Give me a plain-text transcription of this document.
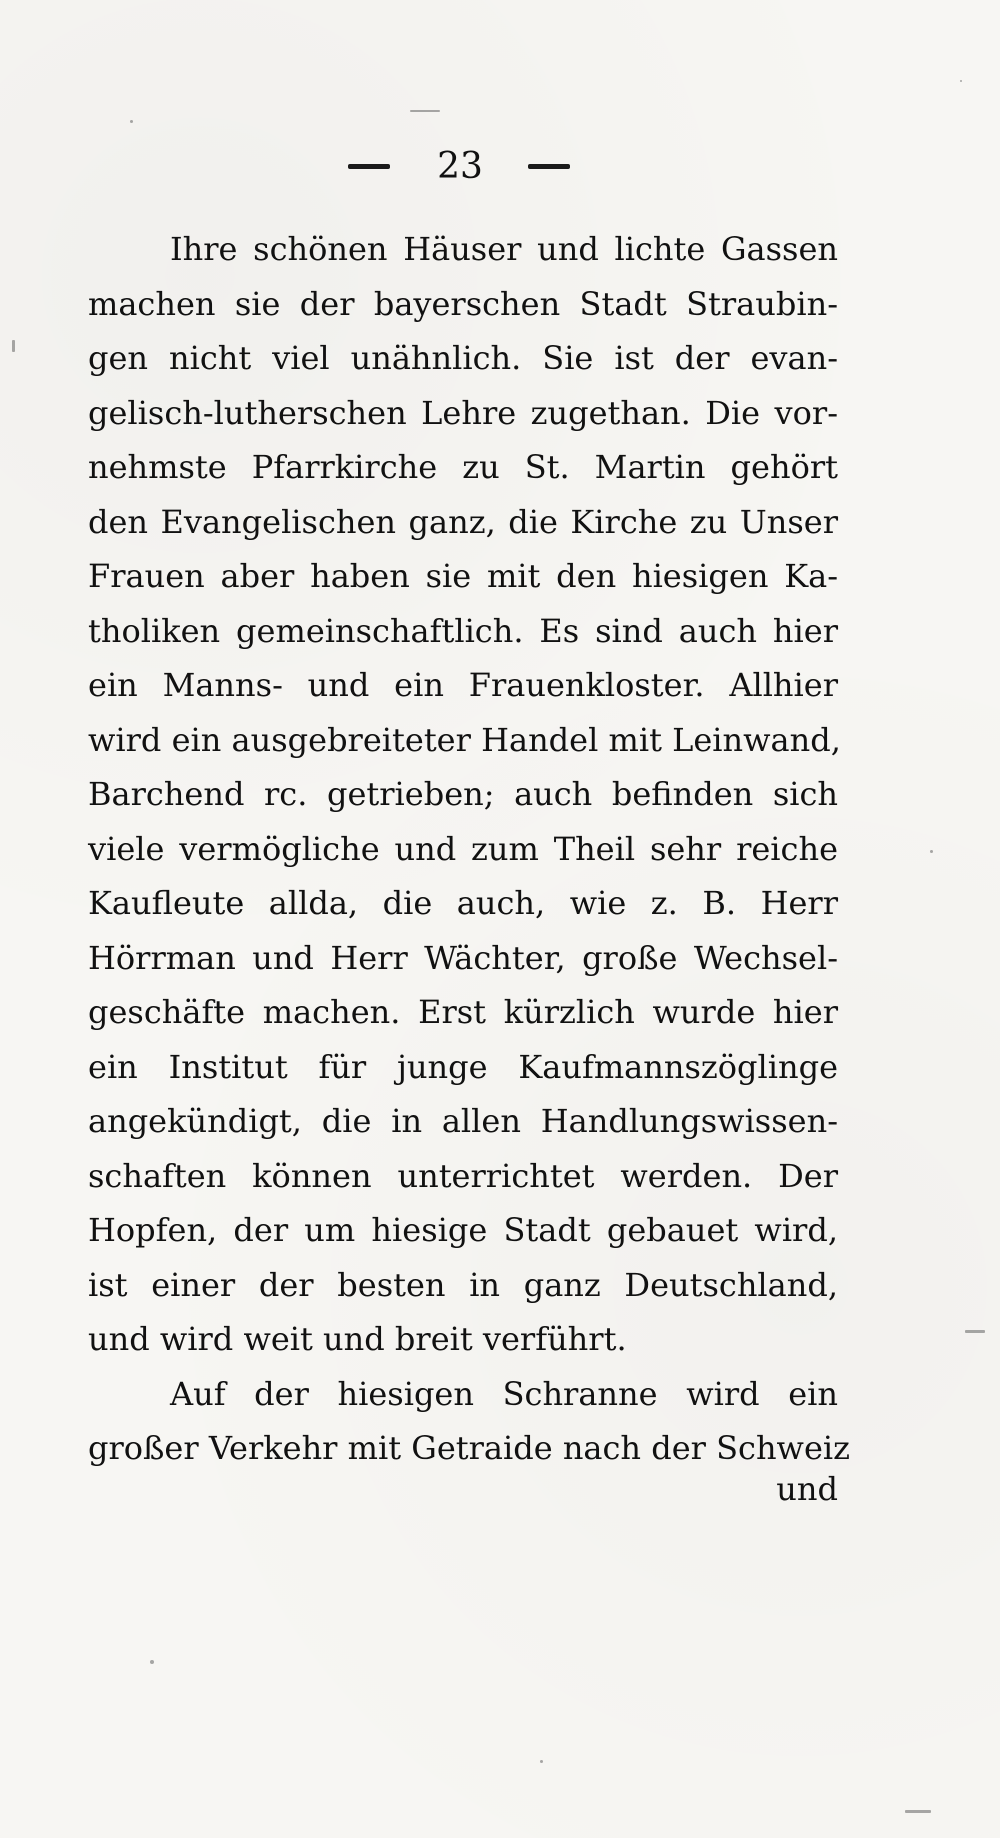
23
Ihre schönen Häuser und lichte Gassen
machen sie der bayerschen Stadt Straubin-
gen nicht viel unähnlich. Sie ist der evan-
gelisch-lutherschen Lehre zugethan. Die vor-
nehmste Pfarrkirche zu St. Martin gehört
den Evangelischen ganz, die Kirche zu Unser
Frauen aber haben sie mit den hiesigen Ka-
tholiken gemeinschaftlich. Es sind auch hier
ein Manns- und ein Frauenkloster. Allhier
wird ein ausgebreiteter Handel mit Leinwand,
Barchend rc. getrieben; auch befinden sich
viele vermögliche und zum Theil sehr reiche
Kaufleute allda, die auch, wie z. B. Herr
Hörrman und Herr Wächter, große Wechsel-
geschäfte machen. Erst kürzlich wurde hier
ein Institut für junge Kaufmannszöglinge
angekündigt, die in allen Handlungswissen-
schaften können unterrichtet werden. Der
Hopfen, der um hiesige Stadt gebauet wird,
ist einer der besten in ganz Deutschland,
und wird weit und breit verführt.
Auf der hiesigen Schranne wird ein
großer Verkehr mit Getraide nach der Schweiz
und
